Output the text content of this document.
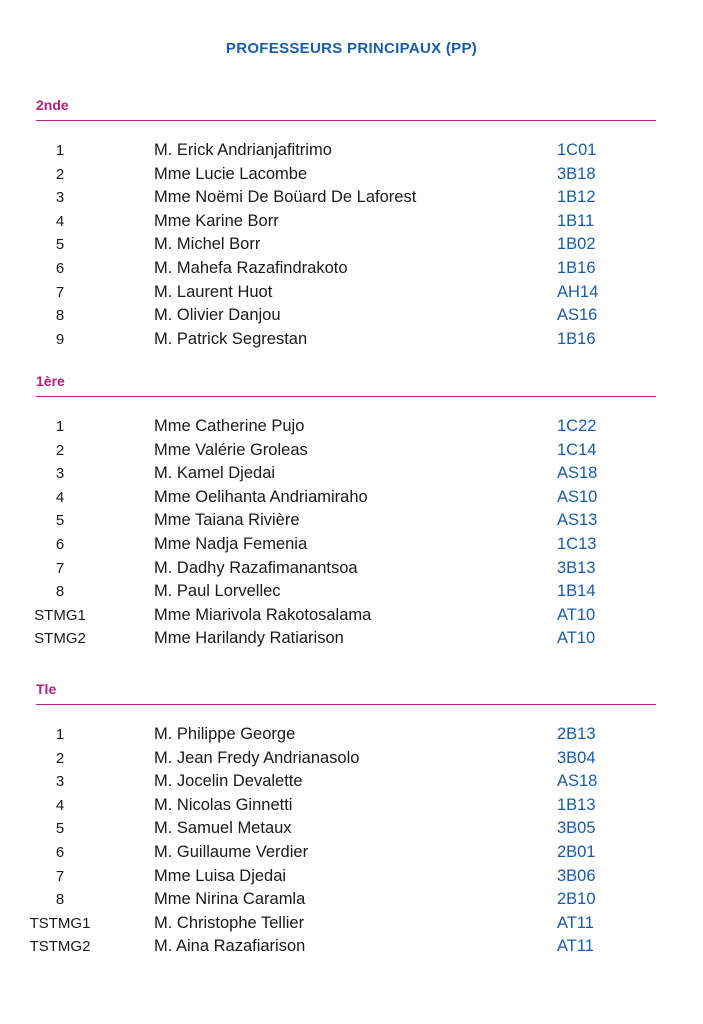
PROFESSEURS PRINCIPAUX (PP)
2nde
1	M. Erick Andrianjafitrimo	1C01
2	Mme Lucie Lacombe	3B18
3	Mme Noëmi De Boüard De Laforest	1B12
4	Mme Karine Borr	1B11
5	M. Michel Borr	1B02
6	M. Mahefa Razafindrakoto	1B16
7	M. Laurent Huot	AH14
8	M. Olivier Danjou	AS16
9	M. Patrick Segrestan	1B16
1ère
1	Mme Catherine Pujo	1C22
2	Mme Valérie Groleas	1C14
3	M. Kamel Djedai	AS18
4	Mme Oelihanta Andriamiraho	AS10
5	Mme Taiana Rivière	AS13
6	Mme Nadja Femenia	1C13
7	M. Dadhy Razafimanantsoa	3B13
8	M. Paul Lorvellec	1B14
STMG1	Mme Miarivola Rakotosalama	AT10
STMG2	Mme Harilandy Ratiarison	AT10
Tle
1	M. Philippe George	2B13
2	M. Jean Fredy Andrianasolo	3B04
3	M. Jocelin Devalette	AS18
4	M. Nicolas Ginnetti	1B13
5	M. Samuel Metaux	3B05
6	M. Guillaume Verdier	2B01
7	Mme Luisa Djedai	3B06
8	Mme Nirina Caramla	2B10
TSTMG1	M. Christophe Tellier	AT11
TSTMG2	M. Aina Razafiarison	AT11
